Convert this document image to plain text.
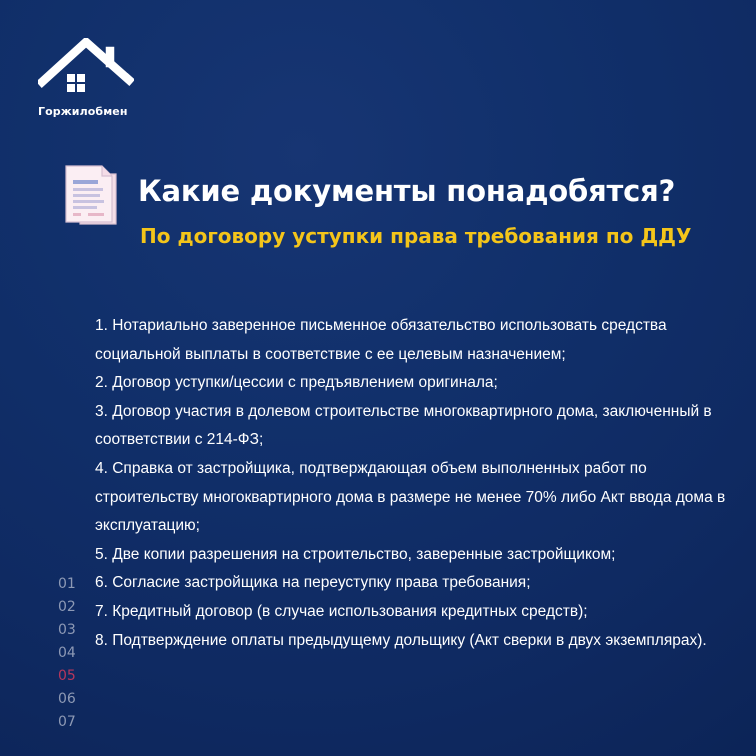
Горжилобмен
Какие документы понадобятся?
По договору уступки права требования по ДДУ
1. Нотариально заверенное письменное обязательство использовать средства социальной выплаты в соответствие с ее целевым назначением;
2. Договор уступки/цессии с предъявлением оригинала;
3. Договор участия в долевом строительстве многоквартирного дома, заключенный в соответствии с 214-ФЗ;
4. Справка от застройщика, подтверждающая объем выполненных работ по строительству многоквартирного дома в размере не менее 70% либо Акт ввода дома в эксплуатацию;
5. Две копии разрешения на строительство, заверенные застройщиком;
6. Согласие застройщика на переуступку права требования;
7. Кредитный договор (в случае использования кредитных средств);
8. Подтверждение оплаты предыдущему дольщику (Акт сверки в двух экземплярах).
01
02
03
04
05
06
07
